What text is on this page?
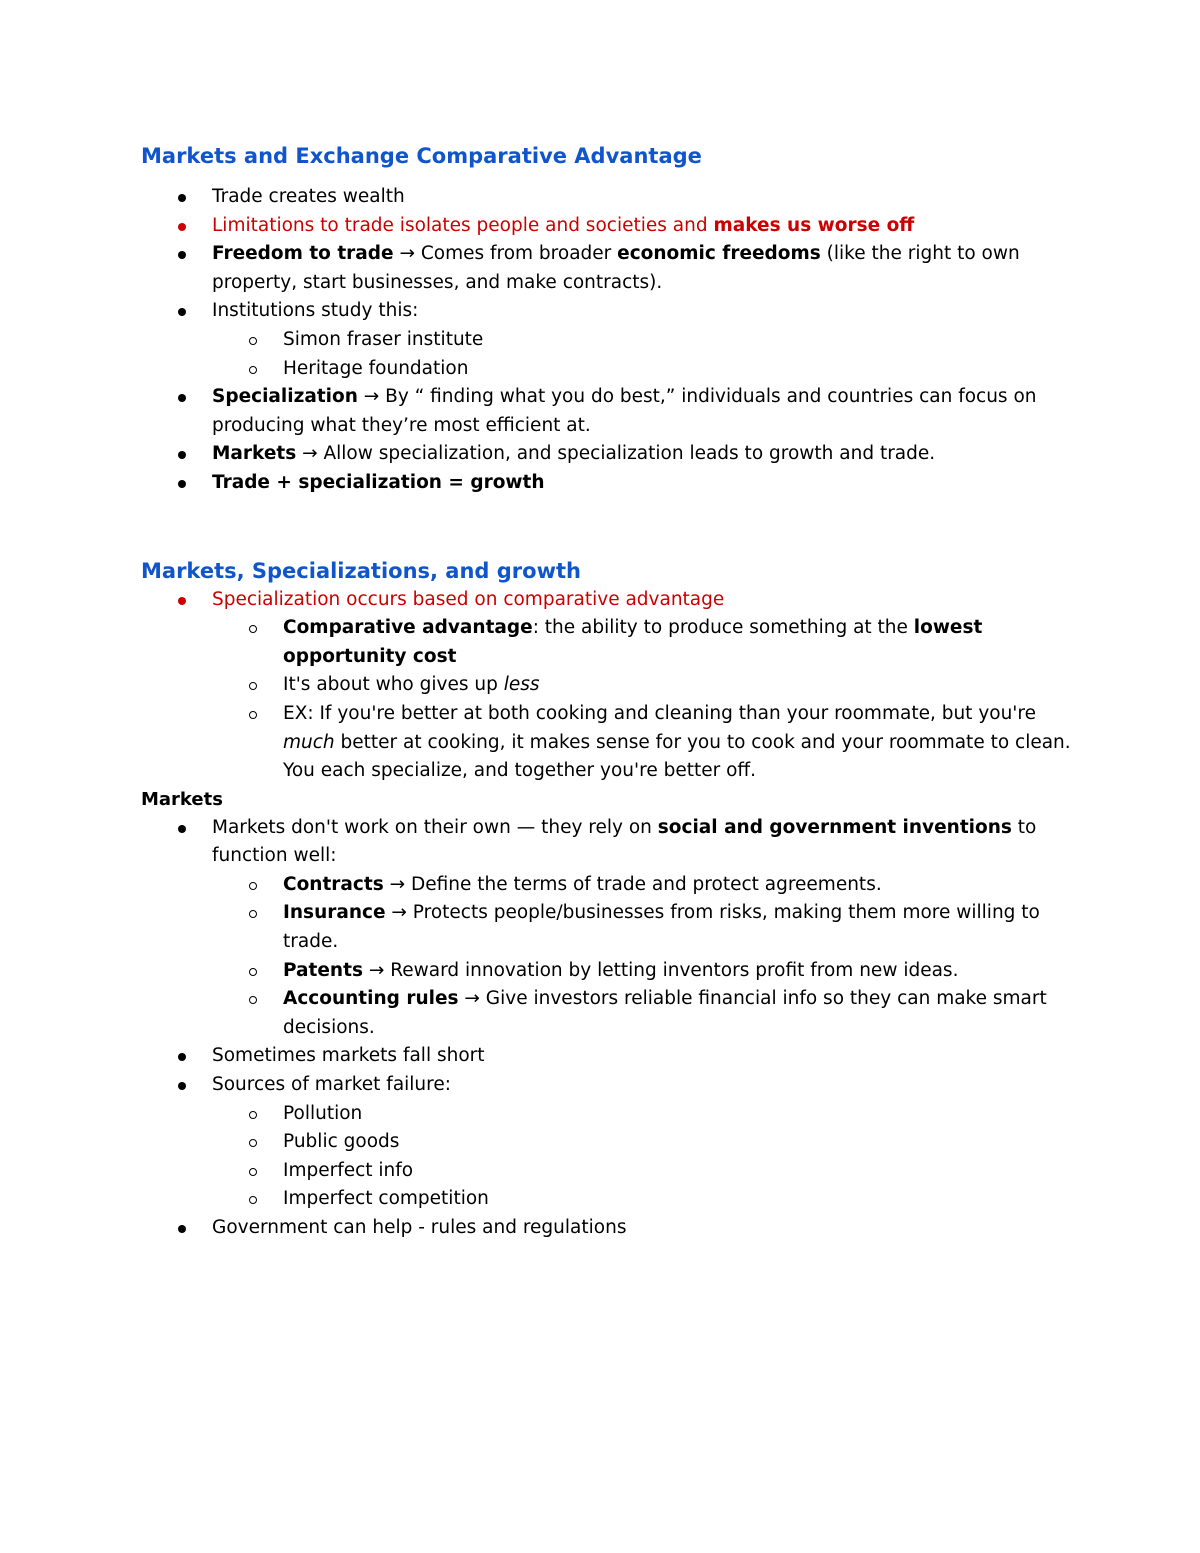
Markets and Exchange Comparative Advantage
Trade creates wealth
Limitations to trade isolates people and societies and makes us worse off
Freedom to trade → Comes from broader economic freedoms (like the right to own property, start businesses, and make contracts).
Institutions study this:
Simon fraser institute
Heritage foundation
Specialization → By “ finding what you do best,” individuals and countries can focus on producing what they’re most efficient at.
Markets → Allow specialization, and specialization leads to growth and trade.
Trade + specialization = growth
Markets, Specializations, and growth
Specialization occurs based on comparative advantage
Comparative advantage: the ability to produce something at the lowest opportunity cost
It's about who gives up less
EX: If you're better at both cooking and cleaning than your roommate, but you're much better at cooking, it makes sense for you to cook and your roommate to clean. You each specialize, and together you're better off.
Markets
Markets don't work on their own — they rely on social and government inventions to function well:
Contracts → Define the terms of trade and protect agreements.
Insurance → Protects people/businesses from risks, making them more willing to trade.
Patents → Reward innovation by letting inventors profit from new ideas.
Accounting rules → Give investors reliable financial info so they can make smart decisions.
Sometimes markets fall short
Sources of market failure:
Pollution
Public goods
Imperfect info
Imperfect competition
Government can help - rules and regulations
